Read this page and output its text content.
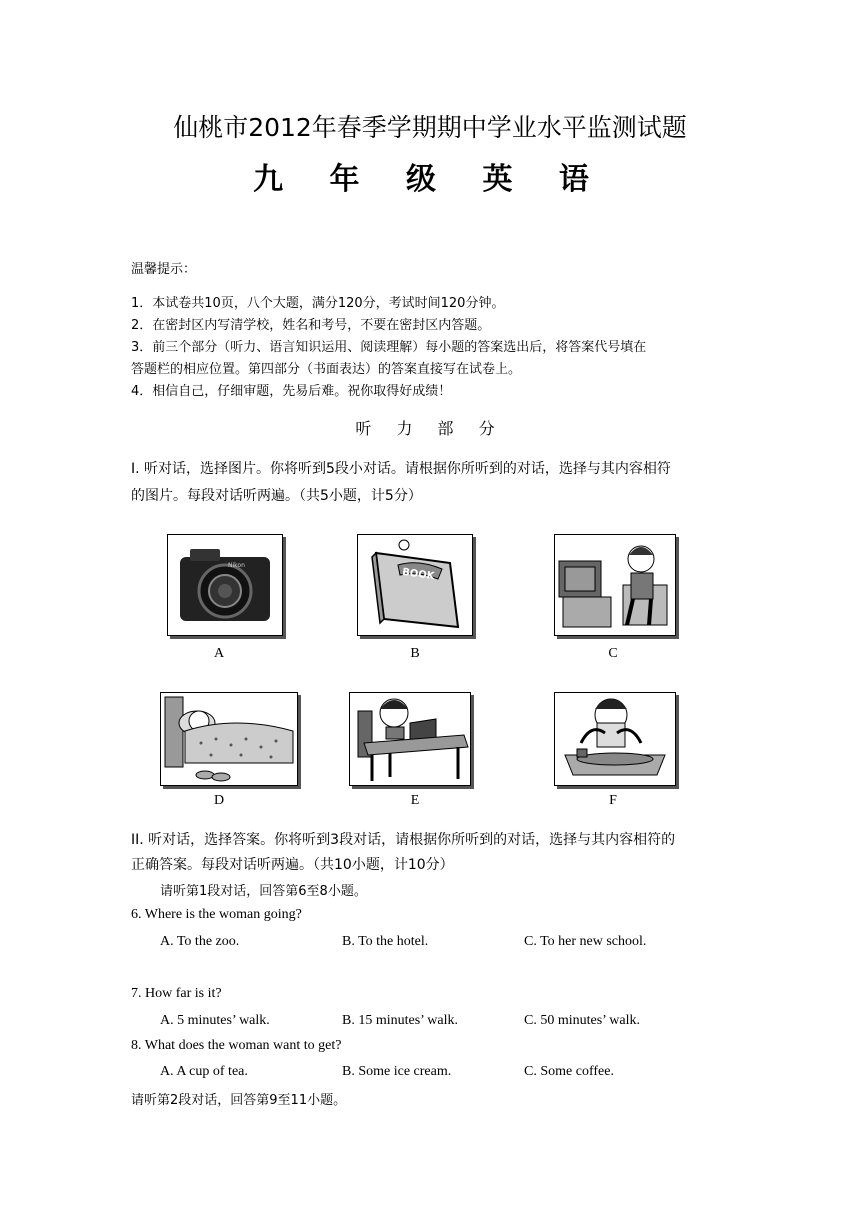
仙桃市2012年春季学期期中学业水平监测试题
九 年 级 英 语
温馨提示：
1．本试卷共10页，八个大题，满分120分，考试时间120分钟。
2．在密封区内写清学校，姓名和考号，不要在密封区内答题。
3．前三个部分（听力、语言知识运用、阅读理解）每小题的答案选出后，将答案代号填在
答题栏的相应位置。第四部分（书面表达）的答案直接写在试卷上。
4．相信自己，仔细审题，先易后难。祝你取得好成绩！
听 力 部 分
I. 听对话，选择图片。你将听到5段小对话。请根据你所听到的对话，选择与其内容相符
的图片。每段对话听两遍。（共5小题，计5分）
Nikon
A
BOOK
B	C
D	E	F
II. 听对话，选择答案。你将听到3段对话，请根据你所听到的对话，选择与其内容相符的
正确答案。每段对话听两遍。（共10小题，计10分）
请听第1段对话，回答第6至8小题。
6. Where is the woman going?
A. To the zoo.	B. To the hotel.	C. To her new school.
7. How far is it?
A. 5 minutes’ walk.	B. 15 minutes’ walk.	C. 50 minutes’ walk.
8. What does the woman want to get?
A. A cup of tea.	B. Some ice cream.	C. Some coffee.
请听第2段对话，回答第9至11小题。
